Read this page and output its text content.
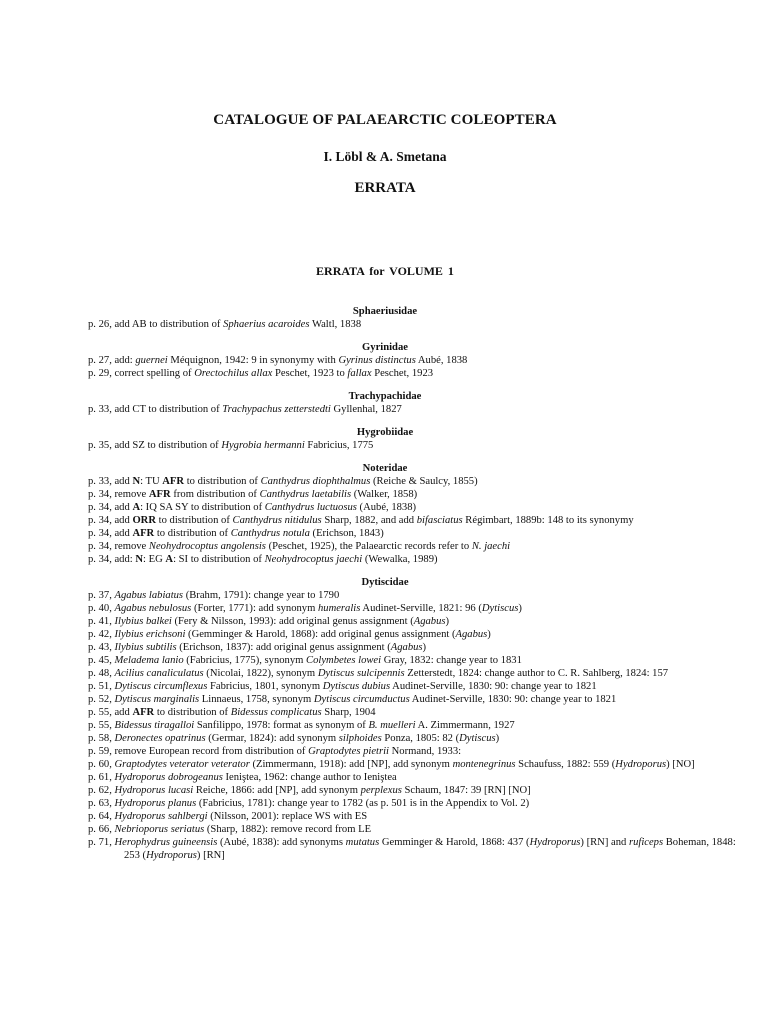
CATALOGUE OF PALAEARCTIC COLEOPTERA
I. Löbl & A. Smetana
ERRATA
ERRATA for VOLUME 1
Sphaeriusidae
p. 26, add AB to distribution of Sphaerius acaroides Waltl, 1838
Gyrinidae
p. 27, add: guernei Méquignon, 1942: 9 in synonymy with Gyrinus distinctus Aubé, 1838
p. 29, correct spelling of Orectochilus allax Peschet, 1923 to fallax Peschet, 1923
Trachypachidae
p. 33, add CT to distribution of Trachypachus zetterstedti Gyllenhal, 1827
Hygrobiidae
p. 35, add SZ to distribution of Hygrobia hermanni Fabricius, 1775
Noteridae
p. 33, add N: TU AFR to distribution of Canthydrus diophthalmus (Reiche & Saulcy, 1855)
p. 34, remove AFR from distribution of Canthydrus laetabilis (Walker, 1858)
p. 34, add A: IQ SA SY to distribution of Canthydrus luctuosus (Aubé, 1838)
p. 34, add ORR to distribution of Canthydrus nitidulus Sharp, 1882, and add bifasciatus Régimbart, 1889b: 148 to its synonymy
p. 34, add AFR to distribution of Canthydrus notula (Erichson, 1843)
p. 34, remove Neohydrocoptus angolensis (Peschet, 1925), the Palaearctic records refer to N. jaechi
p. 34, add: N: EG A: SI to distribution of Neohydrocoptus jaechi (Wewalka, 1989)
Dytiscidae
p. 37, Agabus labiatus (Brahm, 1791): change year to 1790
p. 40, Agabus nebulosus (Forter, 1771): add synonym humeralis Audinet-Serville, 1821: 96 (Dytiscus)
p. 41, Ilybius balkei (Fery & Nilsson, 1993): add original genus assignment (Agabus)
p. 42, Ilybius erichsoni (Gemminger & Harold, 1868): add original genus assignment (Agabus)
p. 43, Ilybius subtilis (Erichson, 1837): add original genus assignment (Agabus)
p. 45, Meladema lanio (Fabricius, 1775), synonym Colymbetes lowei Gray, 1832: change year to 1831
p. 48, Acilius canaliculatus (Nicolai, 1822), synonym Dytiscus sulcipennis Zetterstedt, 1824: change author to C. R. Sahlberg, 1824: 157
p. 51, Dytiscus circumflexus Fabricius, 1801, synonym Dytiscus dubius Audinet-Serville, 1830: 90: change year to 1821
p. 52, Dytiscus marginalis Linnaeus, 1758, synonym Dytiscus circumductus Audinet-Serville, 1830: 90: change year to 1821
p. 55, add AFR to distribution of Bidessus complicatus Sharp, 1904
p. 55, Bidessus tiragalloi Sanfilippo, 1978: format as synonym of B. muelleri A. Zimmermann, 1927
p. 58, Deronectes opatrinus (Germar, 1824): add synonym silphoides Ponza, 1805: 82 (Dytiscus)
p. 59, remove European record from distribution of Graptodytes pietrii Normand, 1933:
p. 60, Graptodytes veterator veterator (Zimmermann, 1918): add [NP], add synonym montenegrinus Schaufuss, 1882: 559 (Hydroporus) [NO]
p. 61, Hydroporus dobrogeanus Ieniştea, 1962: change author to Ieniştea
p. 62, Hydroporus lucasi Reiche, 1866: add [NP], add synonym perplexus Schaum, 1847: 39 [RN] [NO]
p. 63, Hydroporus planus (Fabricius, 1781): change year to 1782 (as p. 501 is in the Appendix to Vol. 2)
p. 64, Hydroporus sahlbergi (Nilsson, 2001): replace WS with ES
p. 66, Nebrioporus seriatus (Sharp, 1882): remove record from LE
p. 71, Herophydrus guineensis (Aubé, 1838): add synonyms mutatus Gemminger & Harold, 1868: 437 (Hydroporus) [RN] and ruficeps Boheman, 1848: 253 (Hydroporus) [RN]
